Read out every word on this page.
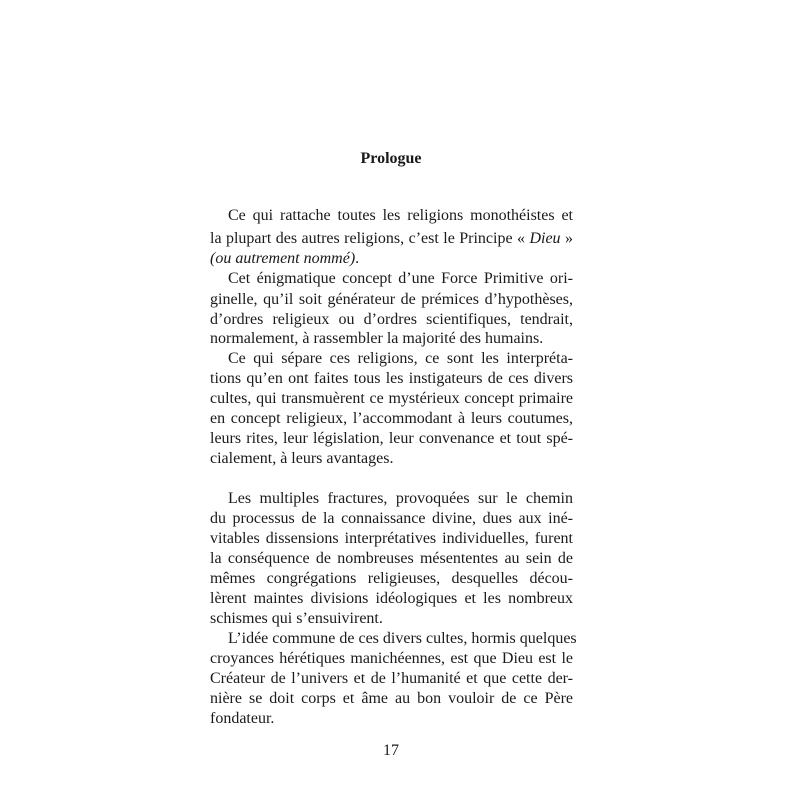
Prologue
Ce qui rattache toutes les religions monothéistes et
la plupart des autres religions, c’est le Principe « Dieu »
(ou autrement nommé).
Cet énigmatique concept d’une Force Primitive ori-
ginelle, qu’il soit générateur de prémices d’hypothèses,
d’ordres religieux ou d’ordres scientifiques, tendrait,
normalement, à rassembler la majorité des humains.
Ce qui sépare ces religions, ce sont les interpréta-
tions qu’en ont faites tous les instigateurs de ces divers
cultes, qui transmuèrent ce mystérieux concept primaire
en concept religieux, l’accommodant à leurs coutumes,
leurs rites, leur législation, leur convenance et tout spé-
cialement, à leurs avantages.
Les multiples fractures, provoquées sur le chemin
du processus de la connaissance divine, dues aux iné-
vitables dissensions interprétatives individuelles, furent
la conséquence de nombreuses mésententes au sein de
mêmes congrégations religieuses, desquelles décou-
lèrent maintes divisions idéologiques et les nombreux
schismes qui s’ensuivirent.
L’idée commune de ces divers cultes, hormis quelques
croyances hérétiques manichéennes, est que Dieu est le
Créateur de l’univers et de l’humanité et que cette der-
nière se doit corps et âme au bon vouloir de ce Père
fondateur.
17
